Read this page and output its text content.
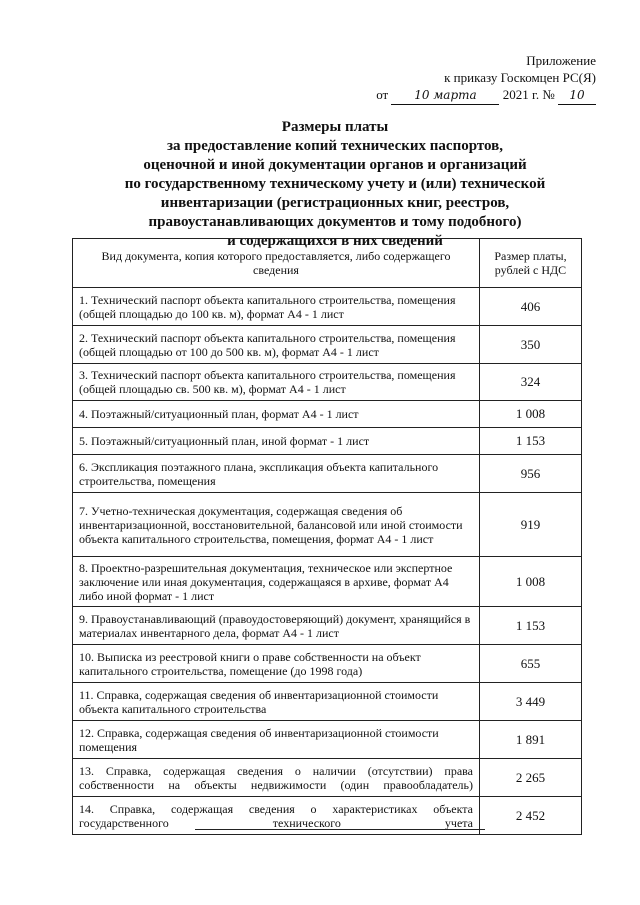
Приложение
к приказу Госкомцен РС(Я)
от 10 марта 2021 г. № 10
Размеры платы
за предоставление копий технических паспортов,
оценочной и иной документации органов и организаций
по государственному техническому учету и (или) технической
инвентаризации (регистрационных книг, реестров,
правоустанавливающих документов и тому подобного)
и содержащихся в них сведений
Вид документа, копия которого предоставляется, либо содержащего сведения	Размер платы, рублей с НДС
1. Технический паспорт объекта капитального строительства, помещения (общей площадью до 100 кв. м), формат А4 - 1 лист	406
2. Технический паспорт объекта капитального строительства, помещения (общей площадью от 100 до 500 кв. м), формат А4 - 1 лист	350
3. Технический паспорт объекта капитального строительства, помещения (общей площадью св. 500 кв. м), формат А4 - 1 лист	324
4. Поэтажный/ситуационный план, формат А4 - 1 лист	1 008
5. Поэтажный/ситуационный план, иной формат - 1 лист	1 153
6. Экспликация поэтажного плана, экспликация объекта капитального строительства, помещения	956
7. Учетно-техническая документация, содержащая сведения об инвентаризационной, восстановительной, балансовой или иной стоимости объекта капитального строительства, помещения, формат А4 - 1 лист	919
8. Проектно-разрешительная документация, техническое или экспертное заключение или иная документация, содержащаяся в архиве, формат А4 либо иной формат - 1 лист	1 008
9. Правоустанавливающий (правоудостоверяющий) документ, хранящийся в материалах инвентарного дела, формат А4 - 1 лист	1 153
10. Выписка из реестровой книги о праве собственности на объект капитального строительства, помещение (до 1998 года)	655
11. Справка, содержащая сведения об инвентаризационной стоимости объекта капитального строительства	3 449
12. Справка, содержащая сведения об инвентаризационной стоимости помещения	1 891
13. Справка, содержащая сведения о наличии (отсутствии) права собственности на объекты недвижимости (один правообладатель)	2 265
14. Справка, содержащая сведения о характеристиках объекта государственного технического учета	2 452
